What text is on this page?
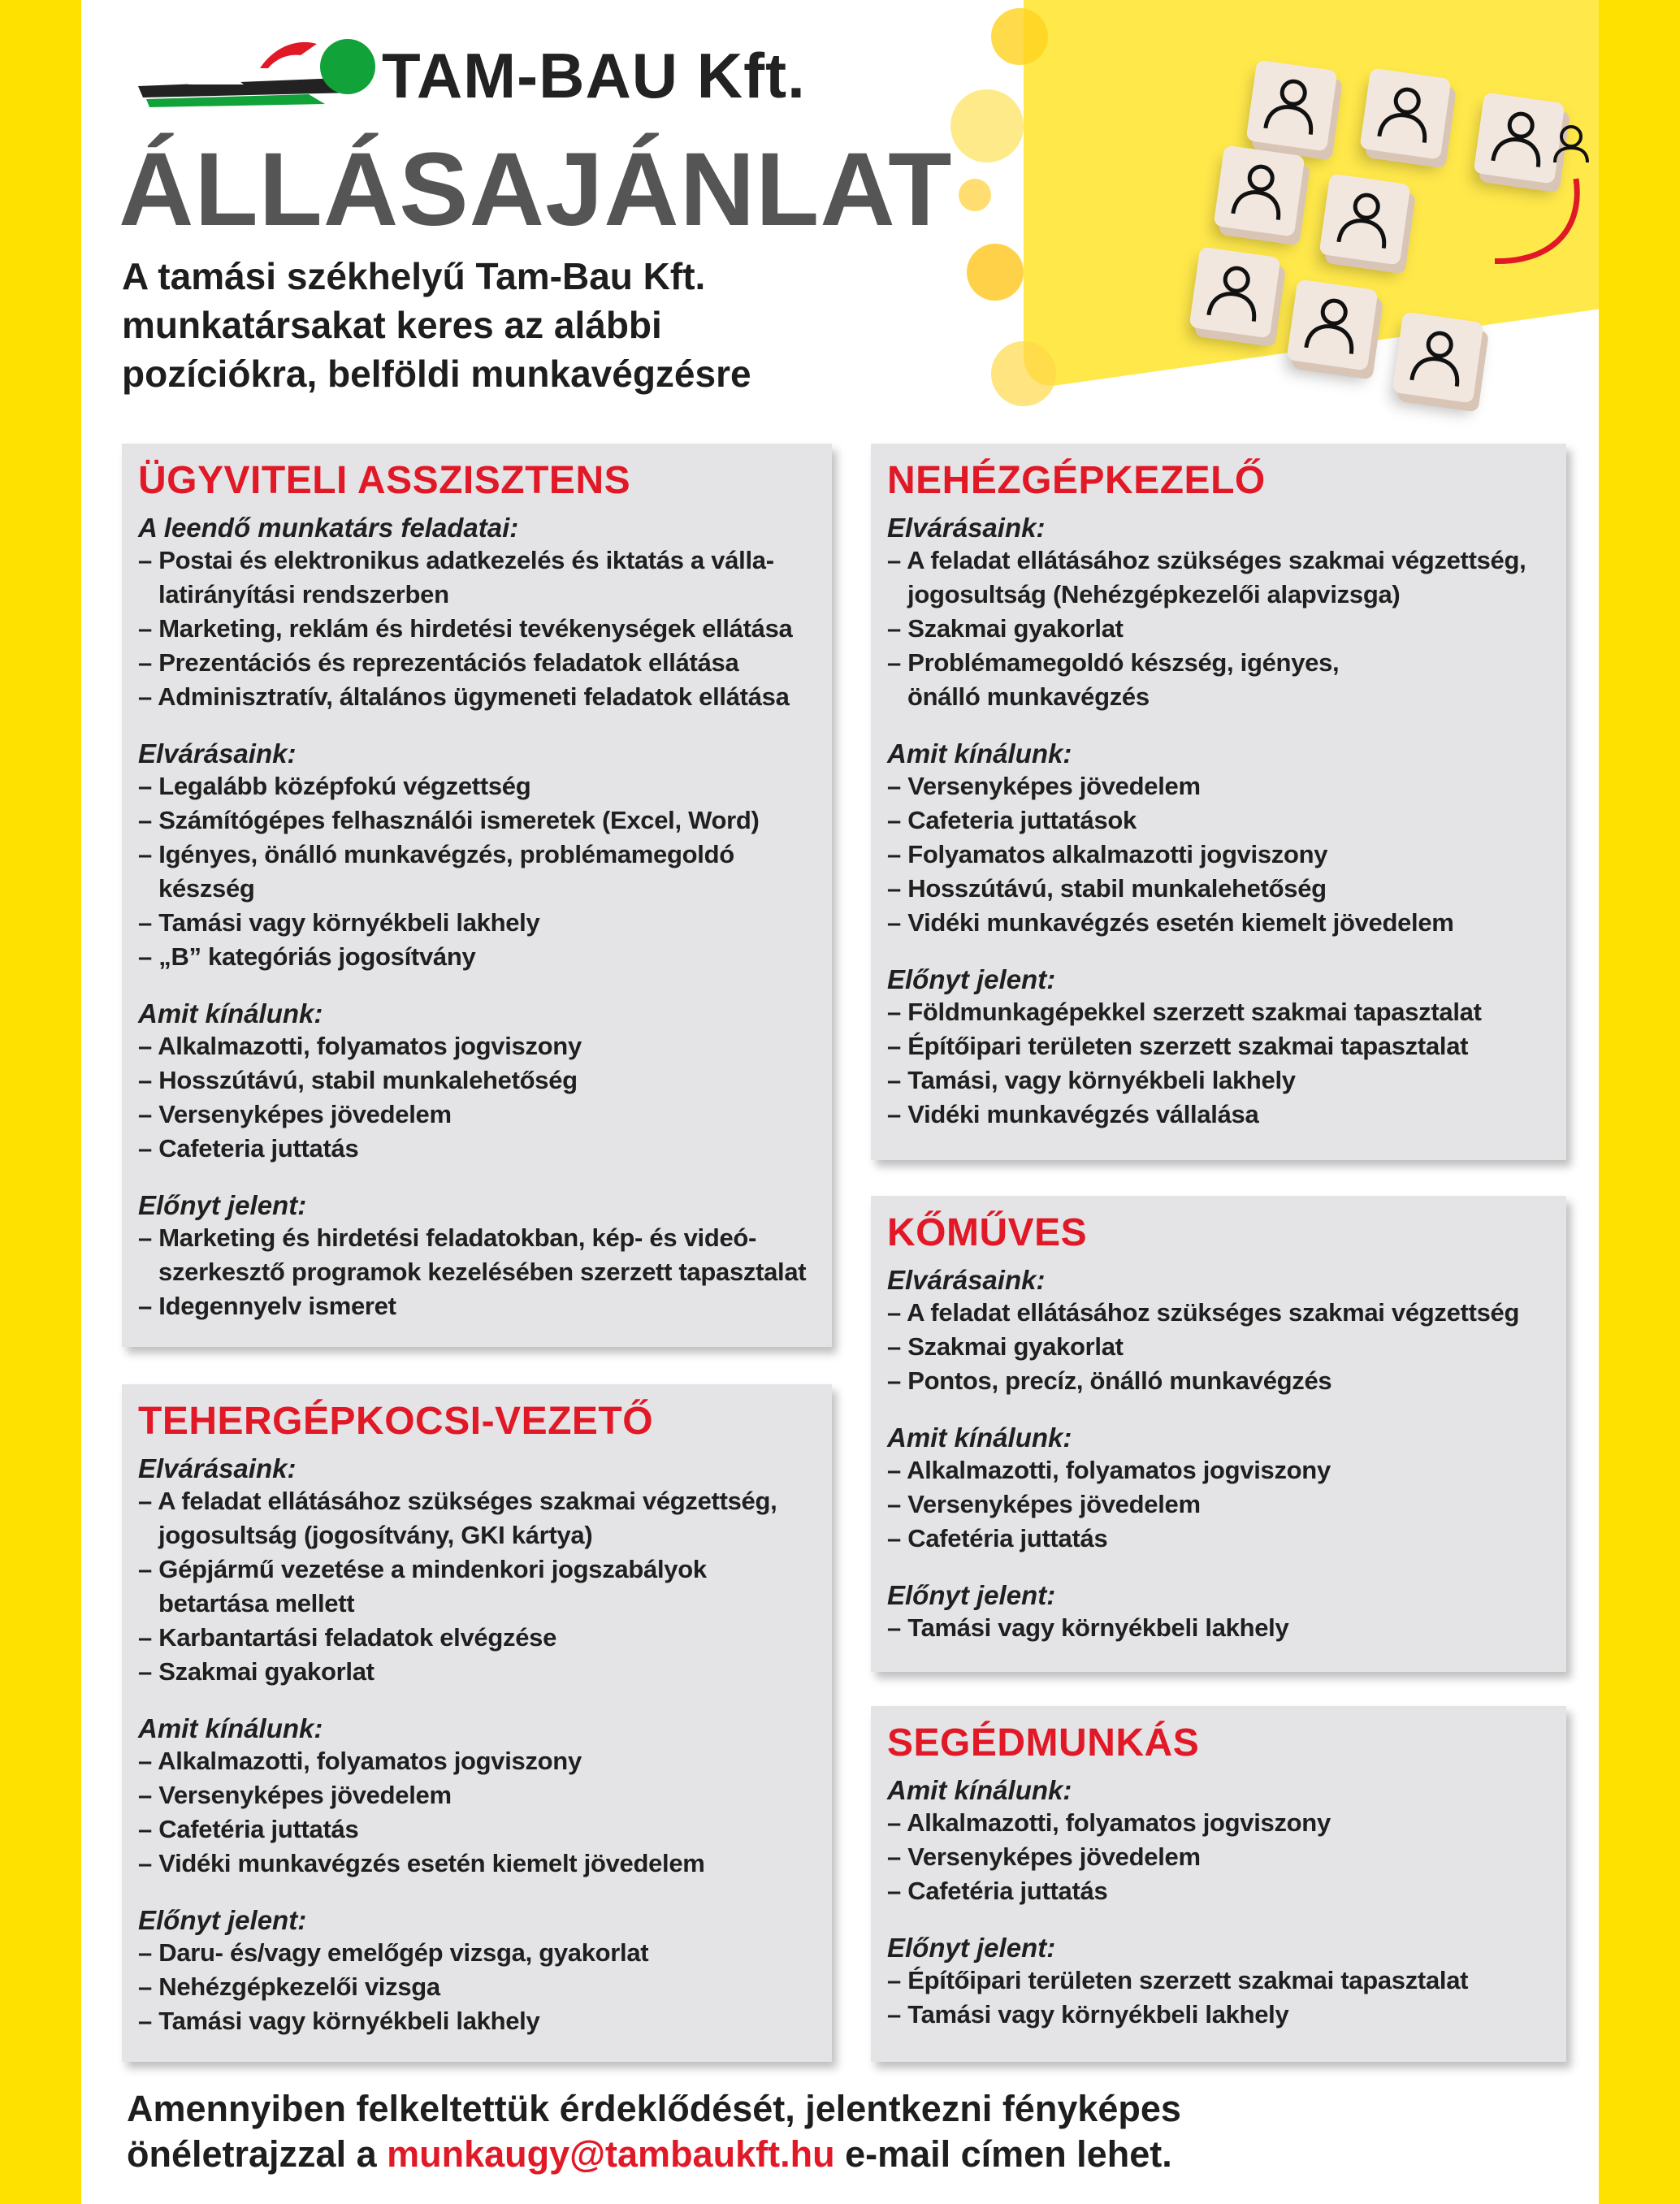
TAM-BAU Kft.
ÁLLÁSAJÁNLAT
A tamási székhelyű Tam-Bau Kft.
munkatársakat keres az alábbi
pozíciókra, belföldi munkavégzésre
ÜGYVITELI ASSZISZTENS
A leendő munkatárs feladatai:
– Postai és elektronikus adatkezelés és iktatás a válla-
latirányítási rendszerben
– Marketing, reklám és hirdetési tevékenységek ellátása
– Prezentációs és reprezentációs feladatok ellátása
– Adminisztratív, általános ügymeneti feladatok ellátása
Elvárásaink:
– Legalább középfokú végzettség
– Számítógépes felhasználói ismeretek (Excel, Word)
– Igényes, önálló munkavégzés, problémamegoldó
készség
– Tamási vagy környékbeli lakhely
– „B” kategóriás jogosítvány
Amit kínálunk:
– Alkalmazotti, folyamatos jogviszony
– Hosszútávú, stabil munkalehetőség
– Versenyképes jövedelem
– Cafeteria juttatás
Előnyt jelent:
– Marketing és hirdetési feladatokban, kép- és videó-
szerkesztő programok kezelésében szerzett tapasztalat
– Idegennyelv ismeret
TEHERGÉPKOCSI-VEZETŐ
Elvárásaink:
– A feladat ellátásához szükséges szakmai végzettség,
jogosultság (jogosítvány, GKI kártya)
– Gépjármű vezetése a mindenkori jogszabályok
betartása mellett
– Karbantartási feladatok elvégzése
– Szakmai gyakorlat
Amit kínálunk:
– Alkalmazotti, folyamatos jogviszony
– Versenyképes jövedelem
– Cafetéria juttatás
– Vidéki munkavégzés esetén kiemelt jövedelem
Előnyt jelent:
– Daru- és/vagy emelőgép vizsga, gyakorlat
– Nehézgépkezelői vizsga
– Tamási vagy környékbeli lakhely
NEHÉZGÉPKEZELŐ
Elvárásaink:
– A feladat ellátásához szükséges szakmai végzettség,
jogosultság (Nehézgépkezelői alapvizsga)
– Szakmai gyakorlat
– Problémamegoldó készség, igényes,
önálló munkavégzés
Amit kínálunk:
– Versenyképes jövedelem
– Cafeteria juttatások
– Folyamatos alkalmazotti jogviszony
– Hosszútávú, stabil munkalehetőség
– Vidéki munkavégzés esetén kiemelt jövedelem
Előnyt jelent:
– Földmunkagépekkel szerzett szakmai tapasztalat
– Építőipari területen szerzett szakmai tapasztalat
– Tamási, vagy környékbeli lakhely
– Vidéki munkavégzés vállalása
KŐMŰVES
Elvárásaink:
– A feladat ellátásához szükséges szakmai végzettség
– Szakmai gyakorlat
– Pontos, precíz, önálló munkavégzés
Amit kínálunk:
– Alkalmazotti, folyamatos jogviszony
– Versenyképes jövedelem
– Cafetéria juttatás
Előnyt jelent:
– Tamási vagy környékbeli lakhely
SEGÉDMUNKÁS
Amit kínálunk:
– Alkalmazotti, folyamatos jogviszony
– Versenyképes jövedelem
– Cafetéria juttatás
Előnyt jelent:
– Építőipari területen szerzett szakmai tapasztalat
– Tamási vagy környékbeli lakhely
Amennyiben felkeltettük érdeklődését, jelentkezni fényképes
önéletrajzzal a munkaugy@tambaukft.hu e-mail címen lehet.
